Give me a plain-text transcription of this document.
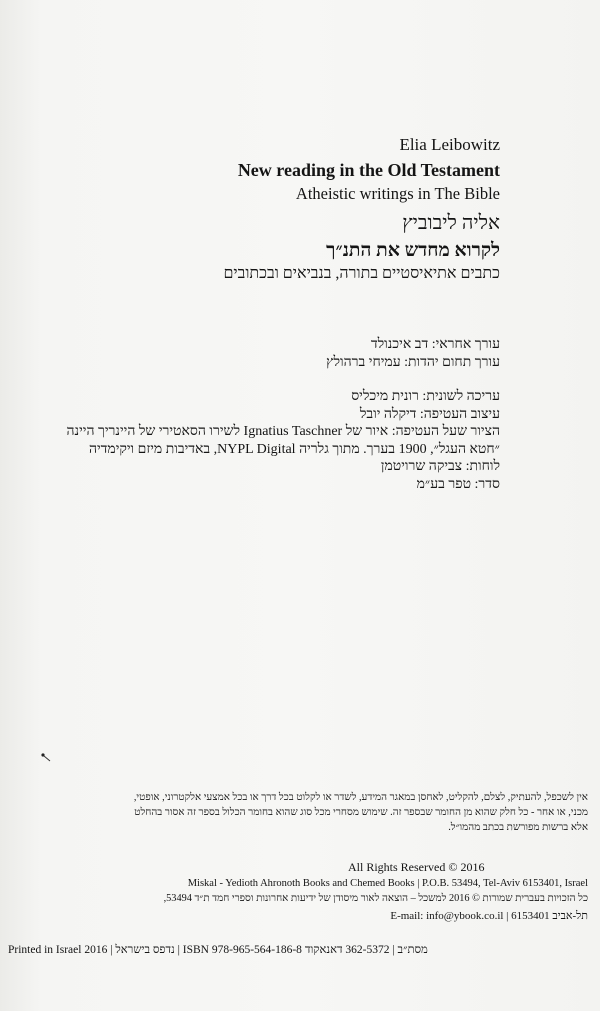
Elia Leibowitz
New reading in the Old Testament
Atheistic writings in The Bible
אליה ליבוביץ
לקרוא מחדש את התנ״ך
כתבים אתיאיסטיים בתורה, בנביאים ובכתובים
עורך אחראי: דב איכנולד
עורך תחום יהדות: עמיחי ברהולץ
עריכה לשונית: רונית מיכליס
עיצוב העטיפה: דיקלה יובל
הציור שעל העטיפה: איור של Ignatius Taschner לשירו הסאטירי של היינריך היינה
״חטא העגל״, 1900 בערך. מתוך גלריה NYPL Digital, באדיבות מיזם ויקימדיה
לוחות: צביקה שרויטמן
סדר: טפר בע״מ
אין לשכפל, להעתיק, לצלם, להקליט, לאחסן במאגר המידע, לשדר או לקלוט בכל דרך או בכל אמצעי אלקטרוני, אופטי,
מכני, או אחר - כל חלק שהוא מן החומר שבספר זה. שימוש מסחרי מכל סוג שהוא בחומר הכלול בספר זה אסור בהחלט
אלא ברשות מפורשת בכתב מהמו״ל.
All Rights Reserved © 2016
Miskal - Yedioth Ahronoth Books and Chemed Books | P.O.B. 53494, Tel-Aviv 6153401, Israel
כל הזכויות בעברית שמורות © 2016 למשכל – הוצאה לאור מיסודן של ידיעות אחרונות וספרי חמד ת״ד 53494,
E-mail: info@ybook.co.il | תל-אביב 6153401
Printed in Israel 2016 | נדפס בישראל | ISBN 978-965-564-186-8 מסת״ב | 362-5372 דאנאקוד
